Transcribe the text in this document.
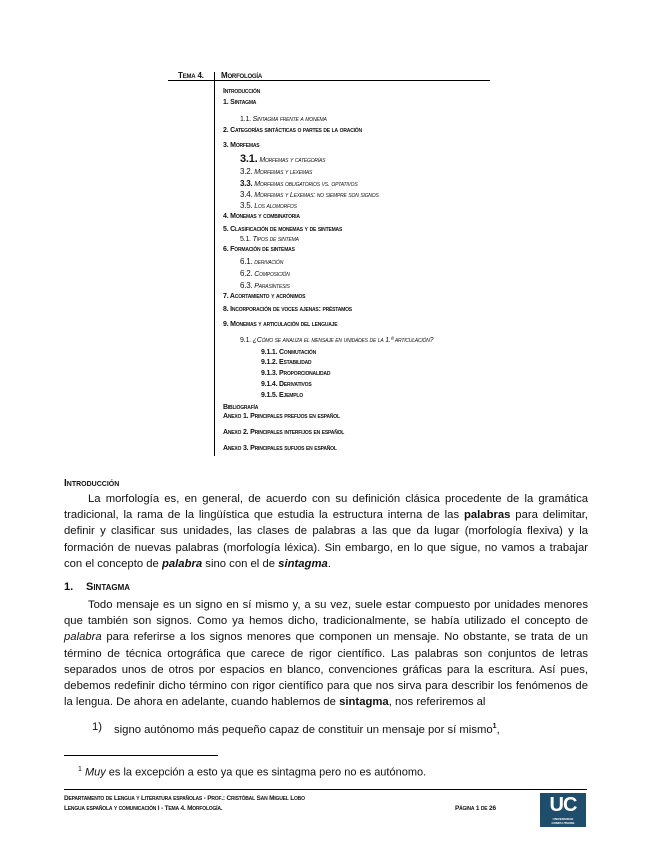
Tema 4. Morfología
Introducción
1. Sintagma
1.1. Sintagma frente a monema
2. Categorías sintácticas o partes de la oración
3. Morfemas
3.1. Morfemas y categorías
3.2. Morfemas y lexemas
3.3. Morfemas obligatorios vs. optativos
3.4. Morfemas y Lexemas: no siempre son signos
3.5. Los alomorfos
4. Monemas y combinatoria
5. Clasificación de monemas y de sintemas
5.1. Tipos de sintema
6. Formación de sintemas
6.1. derivación
6.2. Composición
6.3. Parasíntesis
7. Acortamiento y acrónimos
8. Incorporación de voces ajenas: préstamos
9. Monemas y articulación del lenguaje
9.1. ¿Cómo se analiza el mensaje en unidades de la 1.ª articulación?
9.1.1. Conmutación
9.1.2. Estabilidad
9.1.3. Proporcionalidad
9.1.4. Derivativos
9.1.5. Ejemplo
Bibliografía
Anexo 1. Principales prefijos en español
Anexo 2. Principales interfijos en español
Anexo 3. Principales sufijos en español
Introducción
La morfología es, en general, de acuerdo con su definición clásica procedente de la gramática tradicional, la rama de la lingüística que estudia la estructura interna de las palabras para delimitar, definir y clasificar sus unidades, las clases de palabras a las que da lugar (morfología flexiva) y la formación de nuevas palabras (morfología léxica). Sin embargo, en lo que sigue, no vamos a trabajar con el concepto de palabra sino con el de sintagma.
1. Sintagma
Todo mensaje es un signo en sí mismo y, a su vez, suele estar compuesto por unidades menores que también son signos. Como ya hemos dicho, tradicionalmente, se había utilizado el concepto de palabra para referirse a los signos menores que componen un mensaje. No obstante, se trata de un término de técnica ortográfica que carece de rigor científico. Las palabras son conjuntos de letras separados unos de otros por espacios en blanco, convenciones gráficas para la escritura. Así pues, debemos redefinir dicho término con rigor científico para que nos sirva para describir los fenómenos de la lengua. De ahora en adelante, cuando hablemos de sintagma, nos referiremos al
1) signo autónomo más pequeño capaz de constituir un mensaje por sí mismo$^1$,
$^1$ Muy es la excepción a esto ya que es sintagma pero no es autónomo.
Departamento de Lengua y Literatura españolas - Prof.: Cristóbal San Miguel Lobo
Lengua española y comunicación I - Tema 4. Morfología.	Página 1 de 26	UC
UNIVERSIDAD
COMPLUTENSE
